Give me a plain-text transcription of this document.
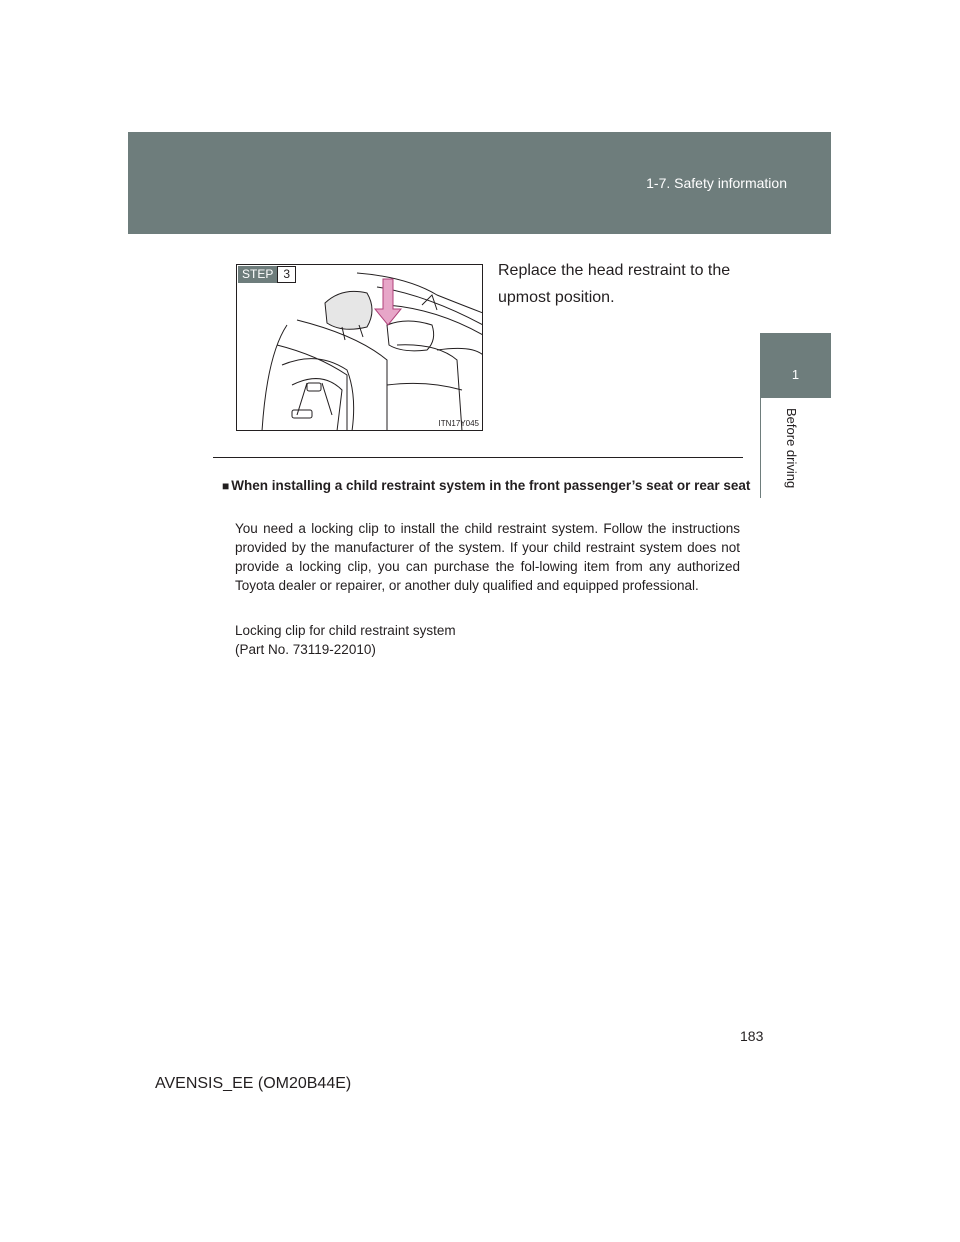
1-7. Safety information
1
Before driving
STEP 3
ITN17Y045
Replace the head restraint to the upmost position.
■ When installing a child restraint system in the front passenger’s seat or rear seat
You need a locking clip to install the child restraint system. Follow the instructions provided by the manufacturer of the system. If your child restraint system does not provide a locking clip, you can purchase the fol-lowing item from any authorized Toyota dealer or repairer, or another duly qualified and equipped professional.
Locking clip for child restraint system
(Part No. 73119-22010)
183
AVENSIS_EE (OM20B44E)
